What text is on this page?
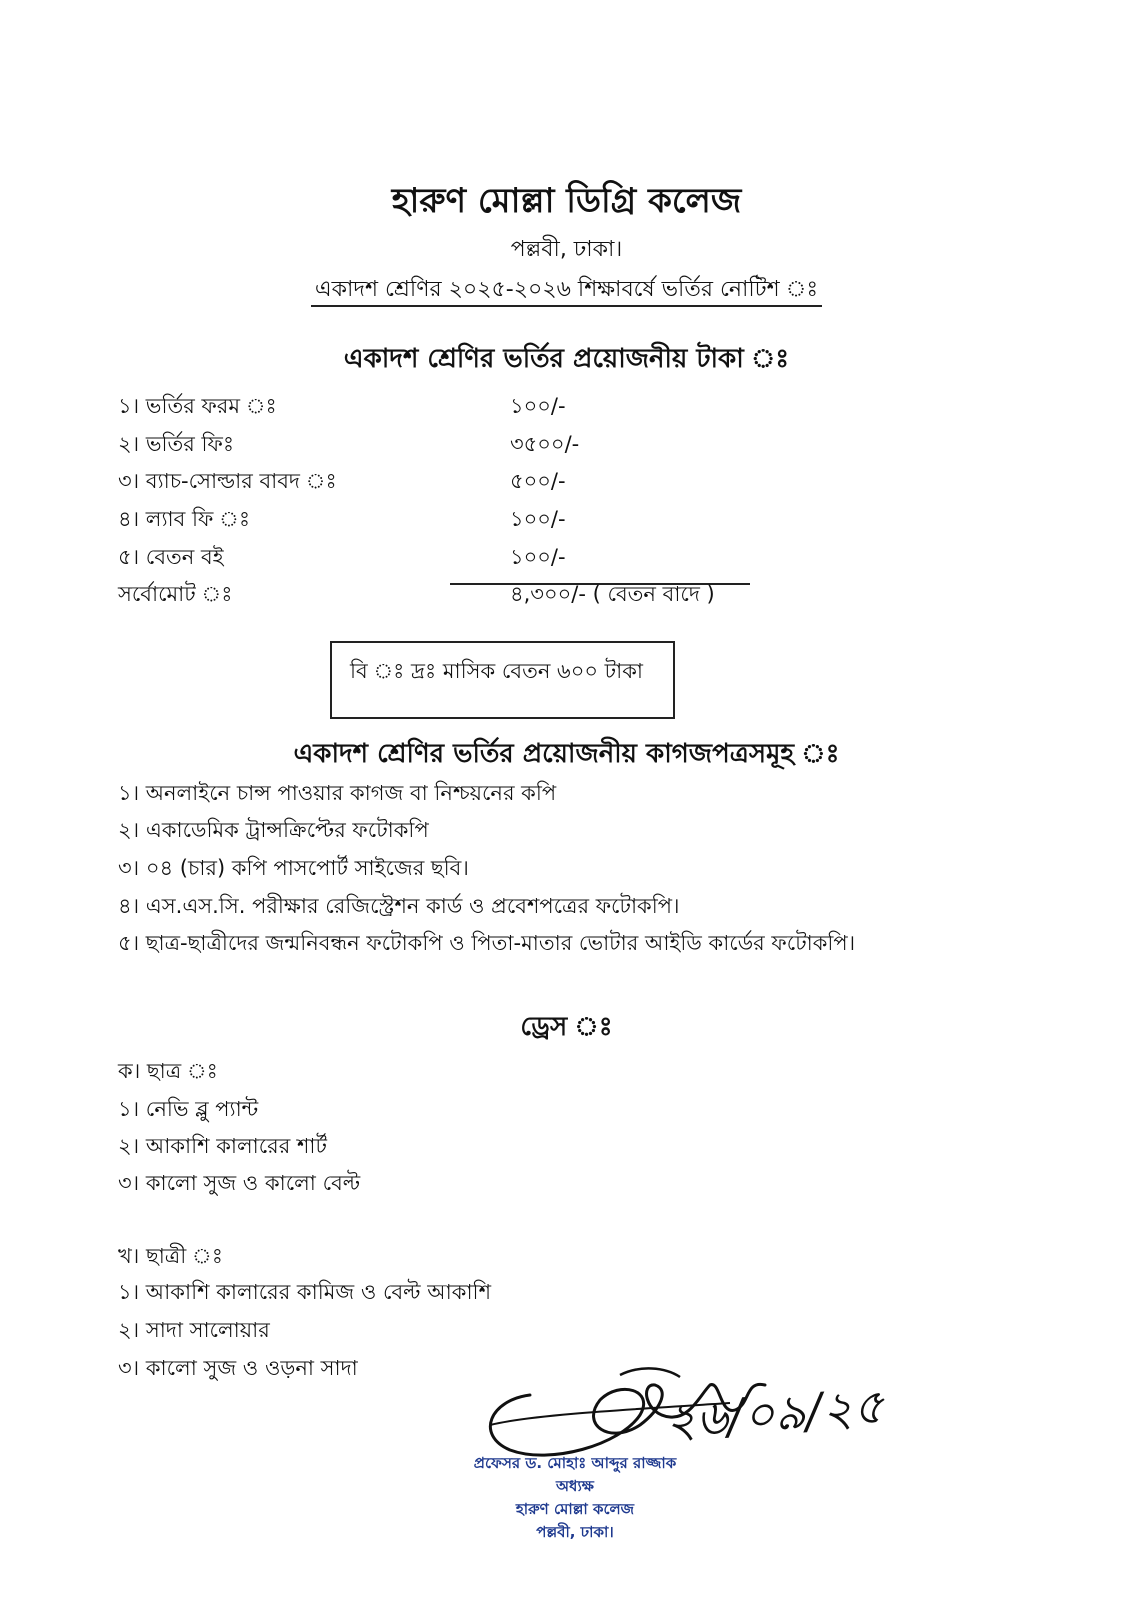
হারুণ মোল্লা ডিগ্রি কলেজ
পল্লবী, ঢাকা।
একাদশ শ্রেণির ২০২৫-২০২৬ শিক্ষাবর্ষে ভর্তির নোটিশ ঃ
একাদশ শ্রেণির ভর্তির প্রয়োজনীয় টাকা ঃ
১। ভর্তির ফরম ঃ	১০০/-
২। ভর্তির ফিঃ	৩৫০০/-
৩। ব্যাচ-সোল্ডার বাবদ ঃ	৫০০/-
৪। ল্যাব ফি ঃ	১০০/-
৫। বেতন বই	১০০/-
সর্বোমোট ঃ	৪,৩০০/- ( বেতন বাদে )
বি ঃ দ্রঃ মাসিক বেতন ৬০০ টাকা
একাদশ শ্রেণির ভর্তির প্রয়োজনীয় কাগজপত্রসমূহ ঃ
১। অনলাইনে চান্স পাওয়ার কাগজ বা নিশ্চয়নের কপি
২। একাডেমিক ট্রান্সক্রিপ্টের ফটোকপি
৩। ০৪ (চার) কপি পাসপোর্ট সাইজের ছবি।
৪। এস.এস.সি. পরীক্ষার রেজিস্ট্রেশন কার্ড ও প্রবেশপত্রের ফটোকপি।
৫। ছাত্র-ছাত্রীদের জন্মনিবন্ধন ফটোকপি ও পিতা-মাতার ভোটার আইডি কার্ডের ফটোকপি।
ড্রেস ঃ
ক। ছাত্র ঃ
১। নেভি ব্লু প্যান্ট
২। আকাশি কালারের শার্ট
৩। কালো সুজ ও কালো বেল্ট
খ। ছাত্রী ঃ
১। আকাশি কালারের কামিজ ও বেল্ট আকাশি
২। সাদা সালোয়ার
৩। কালো সুজ ও ওড়না সাদা
২৬/০৯/২৫
প্রফেসর ড. মোহাঃ আব্দুর রাজ্জাক
অধ্যক্ষ
হারুণ মোল্লা কলেজ
পল্লবী, ঢাকা।
